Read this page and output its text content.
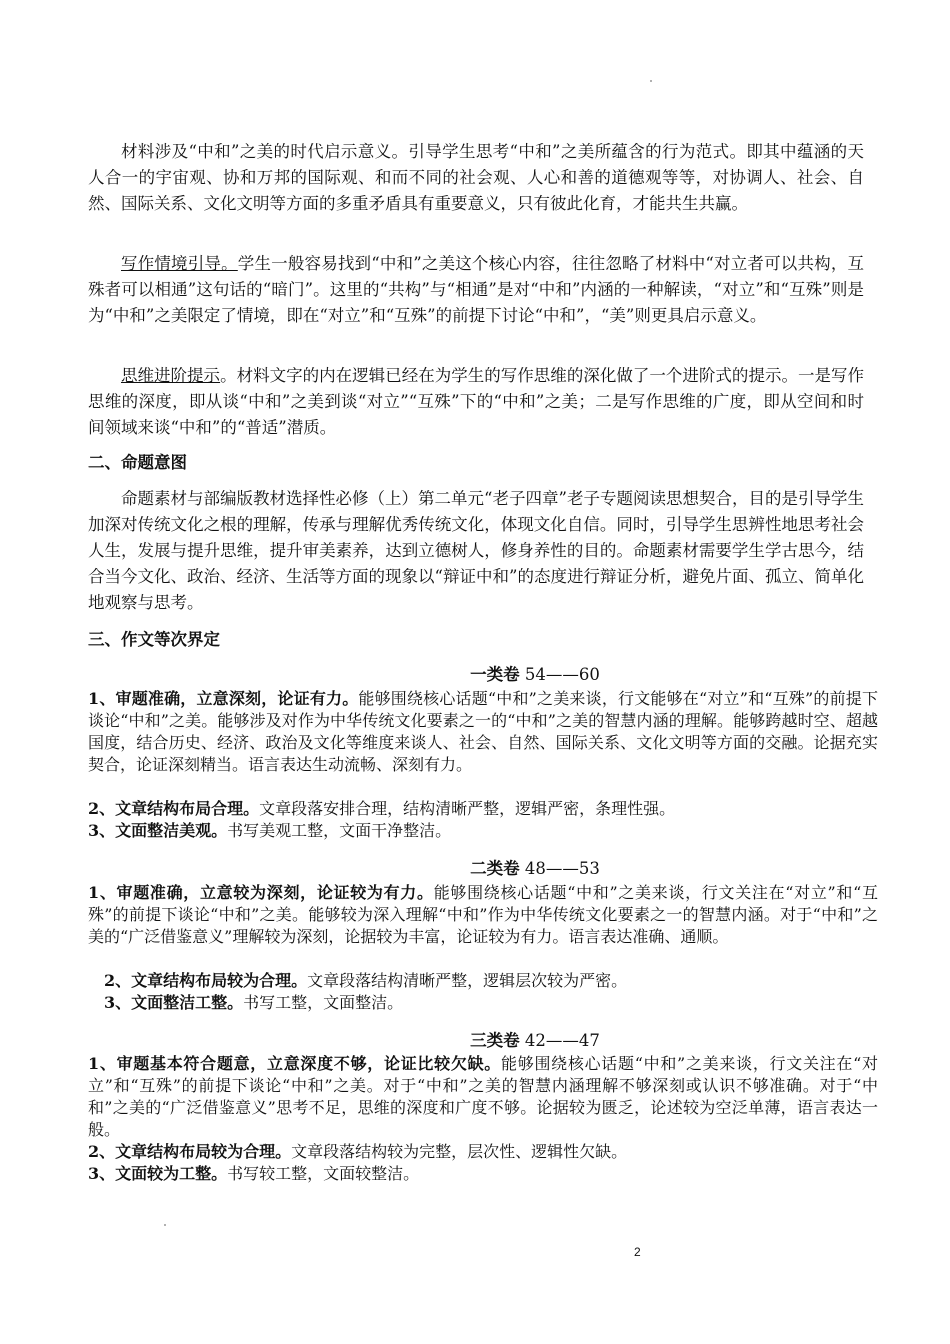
材料涉及“中和”之美的时代启示意义。引导学生思考“中和”之美所蕴含的行为范式。即其中蕴涵的天人合一的宇宙观、协和万邦的国际观、和而不同的社会观、人心和善的道德观等等，对协调人、社会、自然、国际关系、文化文明等方面的多重矛盾具有重要意义，只有彼此化育，才能共生共赢。

写作情境引导。学生一般容易找到“中和”之美这个核心内容，往往忽略了材料中“对立者可以共构，互殊者可以相通”这句话的“暗门”。这里的“共构”与“相通”是对“中和”内涵的一种解读，“对立”和“互殊”则是为“中和”之美限定了情境，即在“对立”和“互殊”的前提下讨论“中和”，“美”则更具启示意义。

思维进阶提示。材料文字的内在逻辑已经在为学生的写作思维的深化做了一个进阶式的提示。一是写作思维的深度，即从谈“中和”之美到谈“对立”“互殊”下的“中和”之美；二是写作思维的广度，即从空间和时间领域来谈“中和”的“普适”潜质。

二、命题意图

命题素材与部编版教材选择性必修（上）第二单元“老子四章”老子专题阅读思想契合，目的是引导学生加深对传统文化之根的理解，传承与理解优秀传统文化，体现文化自信。同时，引导学生思辨性地思考社会人生，发展与提升思维，提升审美素养，达到立德树人，修身养性的目的。命题素材需要学生学古思今，结合当今文化、政治、经济、生活等方面的现象以“辩证中和”的态度进行辩证分析，避免片面、孤立、简单化地观察与思考。

三、作文等次界定

一类卷 54——60

1、审题准确，立意深刻，论证有力。能够围绕核心话题“中和”之美来谈，行文能够在“对立”和“互殊”的前提下谈论“中和”之美。能够涉及对作为中华传统文化要素之一的“中和”之美的智慧内涵的理解。能够跨越时空、超越国度，结合历史、经济、政治及文化等维度来谈人、社会、自然、国际关系、文化文明等方面的交融。论据充实契合，论证深刻精当。语言表达生动流畅、深刻有力。

2、文章结构布局合理。文章段落安排合理，结构清晰严整，逻辑严密，条理性强。

3、文面整洁美观。书写美观工整，文面干净整洁。

二类卷 48——53

1、审题准确，立意较为深刻，论证较为有力。能够围绕核心话题“中和”之美来谈，行文关注在“对立”和“互殊”的前提下谈论“中和”之美。能够较为深入理解“中和”作为中华传统文化要素之一的智慧内涵。对于“中和”之美的“广泛借鉴意义”理解较为深刻，论据较为丰富，论证较为有力。语言表达准确、通顺。

2、文章结构布局较为合理。文章段落结构清晰严整，逻辑层次较为严密。

3、文面整洁工整。书写工整，文面整洁。

三类卷 42——47

1、审题基本符合题意，立意深度不够，论证比较欠缺。能够围绕核心话题“中和”之美来谈，行文关注在“对立”和“互殊”的前提下谈论“中和”之美。对于“中和”之美的智慧内涵理解不够深刻或认识不够准确。对于“中和”之美的“广泛借鉴意义”思考不足，思维的深度和广度不够。论据较为匮乏，论述较为空泛单薄，语言表达一般。

2、文章结构布局较为合理。文章段落结构较为完整，层次性、逻辑性欠缺。

3、文面较为工整。书写较工整，文面较整洁。

2
